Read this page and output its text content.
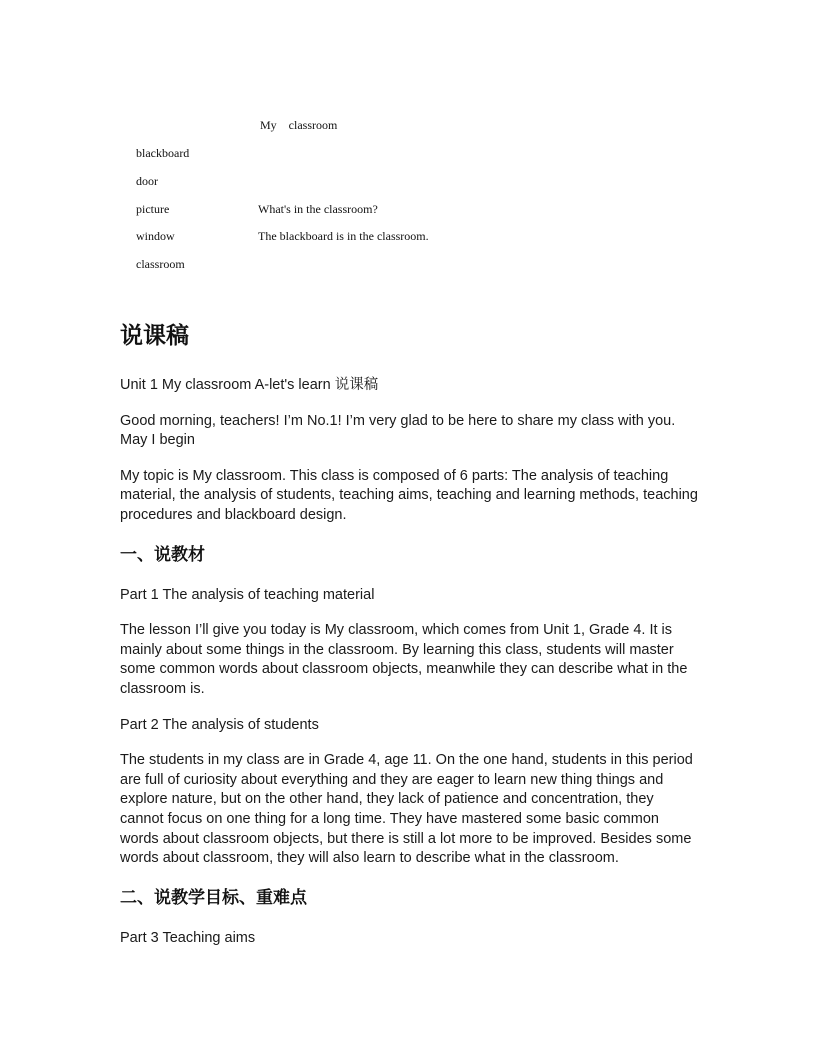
My classroom
blackboard
door
picture
window
classroom
What's in the classroom?
The blackboard is in the classroom.
说课稿

Unit 1 My classroom A-let's learn 说课稿

Good morning, teachers! I’m No.1! I’m very glad to be here to share my class with you. May I begin

My topic is My classroom. This class is composed of 6 parts: The analysis of teaching material, the analysis of students, teaching aims, teaching and learning methods, teaching procedures and blackboard design.

一、说教材

Part 1 The analysis of teaching material

The lesson I’ll give you today is My classroom, which comes from Unit 1, Grade 4. It is mainly about some things in the classroom. By learning this class, students will master some common words about classroom objects, meanwhile they can describe what in the classroom is.

Part 2 The analysis of students

The students in my class are in Grade 4, age 11. On the one hand, students in this period are full of curiosity about everything and they are eager to learn new thing things and explore nature, but on the other hand, they lack of patience and concentration, they cannot focus on one thing for a long time. They have mastered some basic common words about classroom objects, but there is still a lot more to be improved. Besides some words about classroom, they will also learn to describe what in the classroom.

二、说教学目标、重难点

Part 3 Teaching aims
